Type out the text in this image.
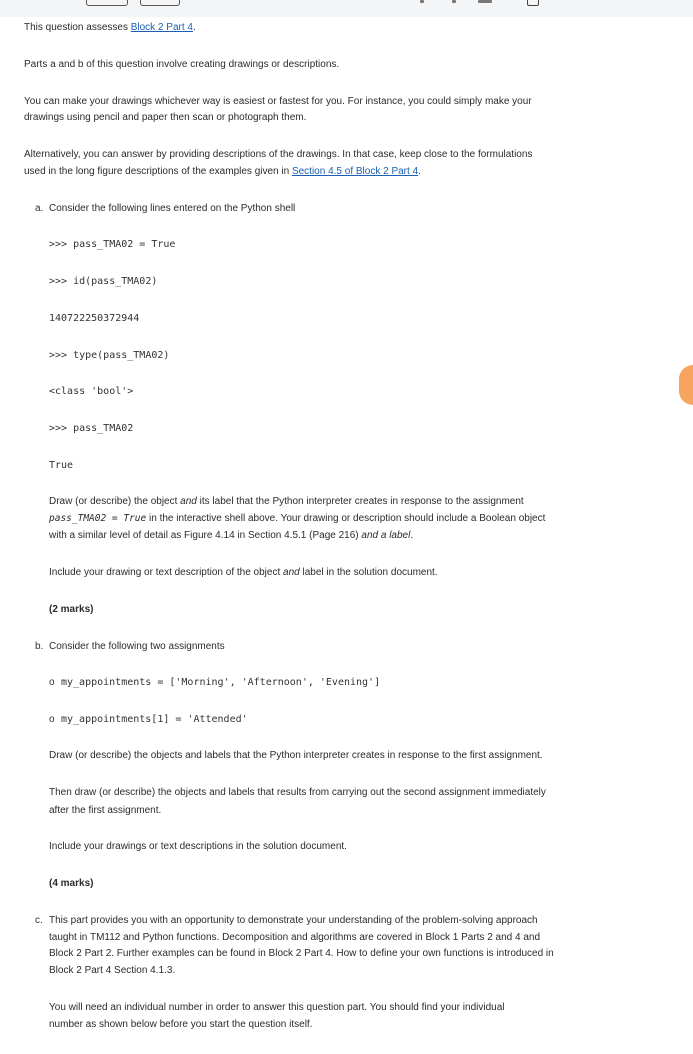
This question assesses Block 2 Part 4.

Parts a and b of this question involve creating drawings or descriptions.

You can make your drawings whichever way is easiest or fastest for you. For instance, you could simply make your

drawings using pencil and paper then scan or photograph them.

Alternatively, you can answer by providing descriptions of the drawings. In that case, keep close to the formulations

used in the long figure descriptions of the examples given in Section 4.5 of Block 2 Part 4.

a. Consider the following lines entered on the Python shell

>>> pass_TMA02 = True

>>> id(pass_TMA02)

140722250372944

>>> type(pass_TMA02)

<class 'bool'>

>>> pass_TMA02

True

Draw (or describe) the object and its label that the Python interpreter creates in response to the assignment

pass_TMA02 = True in the interactive shell above. Your drawing or description should include a Boolean object

with a similar level of detail as Figure 4.14 in Section 4.5.1 (Page 216) and a label.

Include your drawing or text description of the object and label in the solution document.

(2 marks)

b. Consider the following two assignments

o my_appointments = ['Morning', 'Afternoon', 'Evening']

o my_appointments[1] = 'Attended'

Draw (or describe) the objects and labels that the Python interpreter creates in response to the first assignment.

Then draw (or describe) the objects and labels that results from carrying out the second assignment immediately

after the first assignment.

Include your drawings or text descriptions in the solution document.

(4 marks)

c. This part provides you with an opportunity to demonstrate your understanding of the problem-solving approach

taught in TM112 and Python functions. Decomposition and algorithms are covered in Block 1 Parts 2 and 4 and

Block 2 Part 2. Further examples can be found in Block 2 Part 4. How to define your own functions is introduced in

Block 2 Part 4 Section 4.1.3.

You will need an individual number in order to answer this question part. You should find your individual

number as shown below before you start the question itself.
